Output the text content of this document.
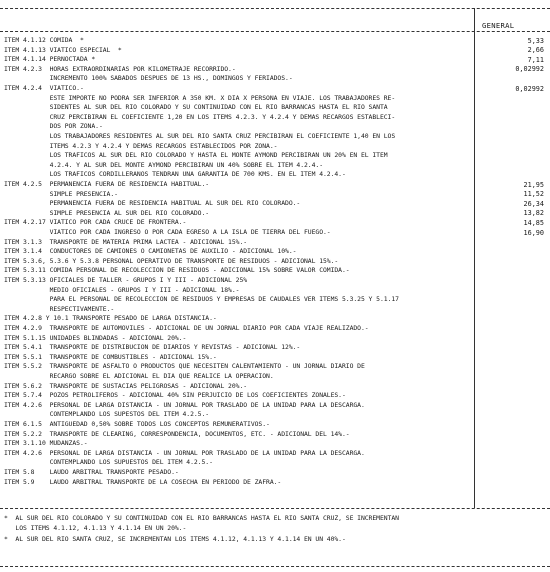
GENERAL
ITEM 4.1.12 COMIDA  *
ITEM 4.1.13 VIATICO ESPECIAL  *
ITEM 4.1.14 PERNOCTADA *
ITEM 4.2.3  HORAS EXTRAORDINARIAS POR KILOMETRAJE RECORRIDO.-
INCREMENTO 100% SABADOS DESPUES DE 13 HS., DOMINGOS Y FERIADOS.-
ITEM 4.2.4  VIATICO.-
ESTE IMPORTE NO PODRA SER INFERIOR A 350 KM. X DIA X PERSONA EN VIAJE. LOS TRABAJADORES RE-
SIDENTES AL SUR DEL RIO COLORADO Y SU CONTINUIDAD CON EL RIO BARRANCAS HASTA EL RIO SANTA
CRUZ PERCIBIRAN EL COEFICIENTE 1,20 EN LOS ITEMS 4.2.3. Y 4.2.4 Y DEMAS RECARGOS ESTABLECI-
DOS POR ZONA.-
LOS TRABAJADORES RESIDENTES AL SUR DEL RIO SANTA CRUZ PERCIBIRAN EL COEFICIENTE 1,40 EN LOS
ITEMS 4.2.3 Y 4.2.4 Y DEMAS RECARGOS ESTABLECIDOS POR ZONA.-
LOS TRAFICOS AL SUR DEL RIO COLORADO Y HASTA EL MONTE AYMOND PERCIBIRAN UN 20% EN EL ITEM
4.2.4. Y AL SUR DEL MONTE AYMOND PERCIBIRAN UN 40% SOBRE EL ITEM 4.2.4.-
LOS TRAFICOS CORDILLERANOS TENDRAN UNA GARANTIA DE 700 KMS. EN EL ITEM 4.2.4.-
ITEM 4.2.5  PERMANENCIA FUERA DE RESIDENCIA HABITUAL.-
SIMPLE PRESENCIA.-
PERMANENCIA FUERA DE RESIDENCIA HABITUAL AL SUR DEL RIO COLORADO.-
SIMPLE PRESENCIA AL SUR DEL RIO COLORADO.-
ITEM 4.2.17 VIATICO POR CADA CRUCE DE FRONTERA.-
VIATICO POR CADA INGRESO O POR CADA EGRESO A LA ISLA DE TIERRA DEL FUEGO.-
ITEM 3.1.3  TRANSPORTE DE MATERIA PRIMA LACTEA - ADICIONAL 15%.-
ITEM 3.1.4  CONDUCTORES DE CAMIONES O CAMIONETAS DE AUXILIO - ADICIONAL 10%.-
ITEM 5.3.6, 5.3.6 Y 5.3.8 PERSONAL OPERATIVO DE TRANSPORTE DE RESIDUOS - ADICIONAL 15%.-
ITEM 5.3.11 COMIDA PERSONAL DE RECOLECCION DE RESIDUOS - ADICIONAL 15% SOBRE VALOR COMIDA.-
ITEM 5.3.13 OFICIALES DE TALLER - GRUPOS I Y III - ADICIONAL 25%
MEDIO OFICIALES - GRUPOS I Y III - ADICIONAL 18%.-
PARA EL PERSONAL DE RECOLECCION DE RESIDUOS Y EMPRESAS DE CAUDALES VER ITEMS 5.3.25 Y 5.1.17
RESPECTIVAMENTE.-
ITEM 4.2.8 Y 10.1 TRANSPORTE PESADO DE LARGA DISTANCIA.-
ITEM 4.2.9  TRANSPORTE DE AUTOMOVILES - ADICIONAL DE UN JORNAL DIARIO POR CADA VIAJE REALIZADO.-
ITEM 5.1.15 UNIDADES BLINDADAS - ADICIONAL 20%.-
ITEM 5.4.1  TRANSPORTE DE DISTRIBUCION DE DIARIOS Y REVISTAS - ADICIONAL 12%.-
ITEM 5.5.1  TRANSPORTE DE COMBUSTIBLES - ADICIONAL 15%.-
ITEM 5.5.2  TRANSPORTE DE ASFALTO O PRODUCTOS QUE NECESITEN CALENTAMIENTO - UN JORNAL DIARIO DE
RECARGO SOBRE EL ADICIONAL EL DIA QUE REALICE LA OPERACION.
ITEM 5.6.2  TRANSPORTE DE SUSTACIAS PELIGROSAS - ADICIONAL 20%.-
ITEM 5.7.4  POZOS PETROLIFEROS - ADICIONAL 40% SIN PERJUICIO DE LOS COEFICIENTES ZONALES.-
ITEM 4.2.6  PERSONAL DE LARGA DISTANCIA - UN JORNAL POR TRASLADO DE LA UNIDAD PARA LA DESCARGA.
CONTEMPLANDO LOS SUPESTOS DEL ITEM 4.2.5.-
ITEM 6.1.5  ANTIGUEDAD 0,50% SOBRE TODOS LOS CONCEPTOS REMUNERATIVOS.-
ITEM 5.2.2  TRANSPORTE DE CLEARING, CORRESPONDENCIA, DOCUMENTOS, ETC. - ADICIONAL DEL 14%.-
ITEM 3.1.10 MUDANZAS.-
ITEM 4.2.6  PERSONAL DE LARGA DISTANCIA - UN JORNAL POR TRASLADO DE LA UNIDAD PARA LA DESCARGA.
CONTEMPLANDO LOS SUPUESTOS DEL ITEM 4.2.5.-
ITEM 5.8    LAUDO ARBITRAL TRANSPORTE PESADO.-
ITEM 5.9    LAUDO ARBITRAL TRANSPORTE DE LA COSECHA EN PERIODO DE ZAFRA.-
5,33
2,66
7,11
0,02992
0,02992
21,95
11,52
26,34
13,82
14,85
16,90
*  AL SUR DEL RIO COLORADO Y SU CONTINUIDAD CON EL RIO BARRANCAS HASTA EL RIO SANTA CRUZ, SE INCREMENTAN
LOS ITEMS 4.1.12, 4.1.13 Y 4.1.14 EN UN 20%.-
*  AL SUR DEL RIO SANTA CRUZ, SE INCREMENTAN LOS ITEMS 4.1.12, 4.1.13 Y 4.1.14 EN UN 40%.-
